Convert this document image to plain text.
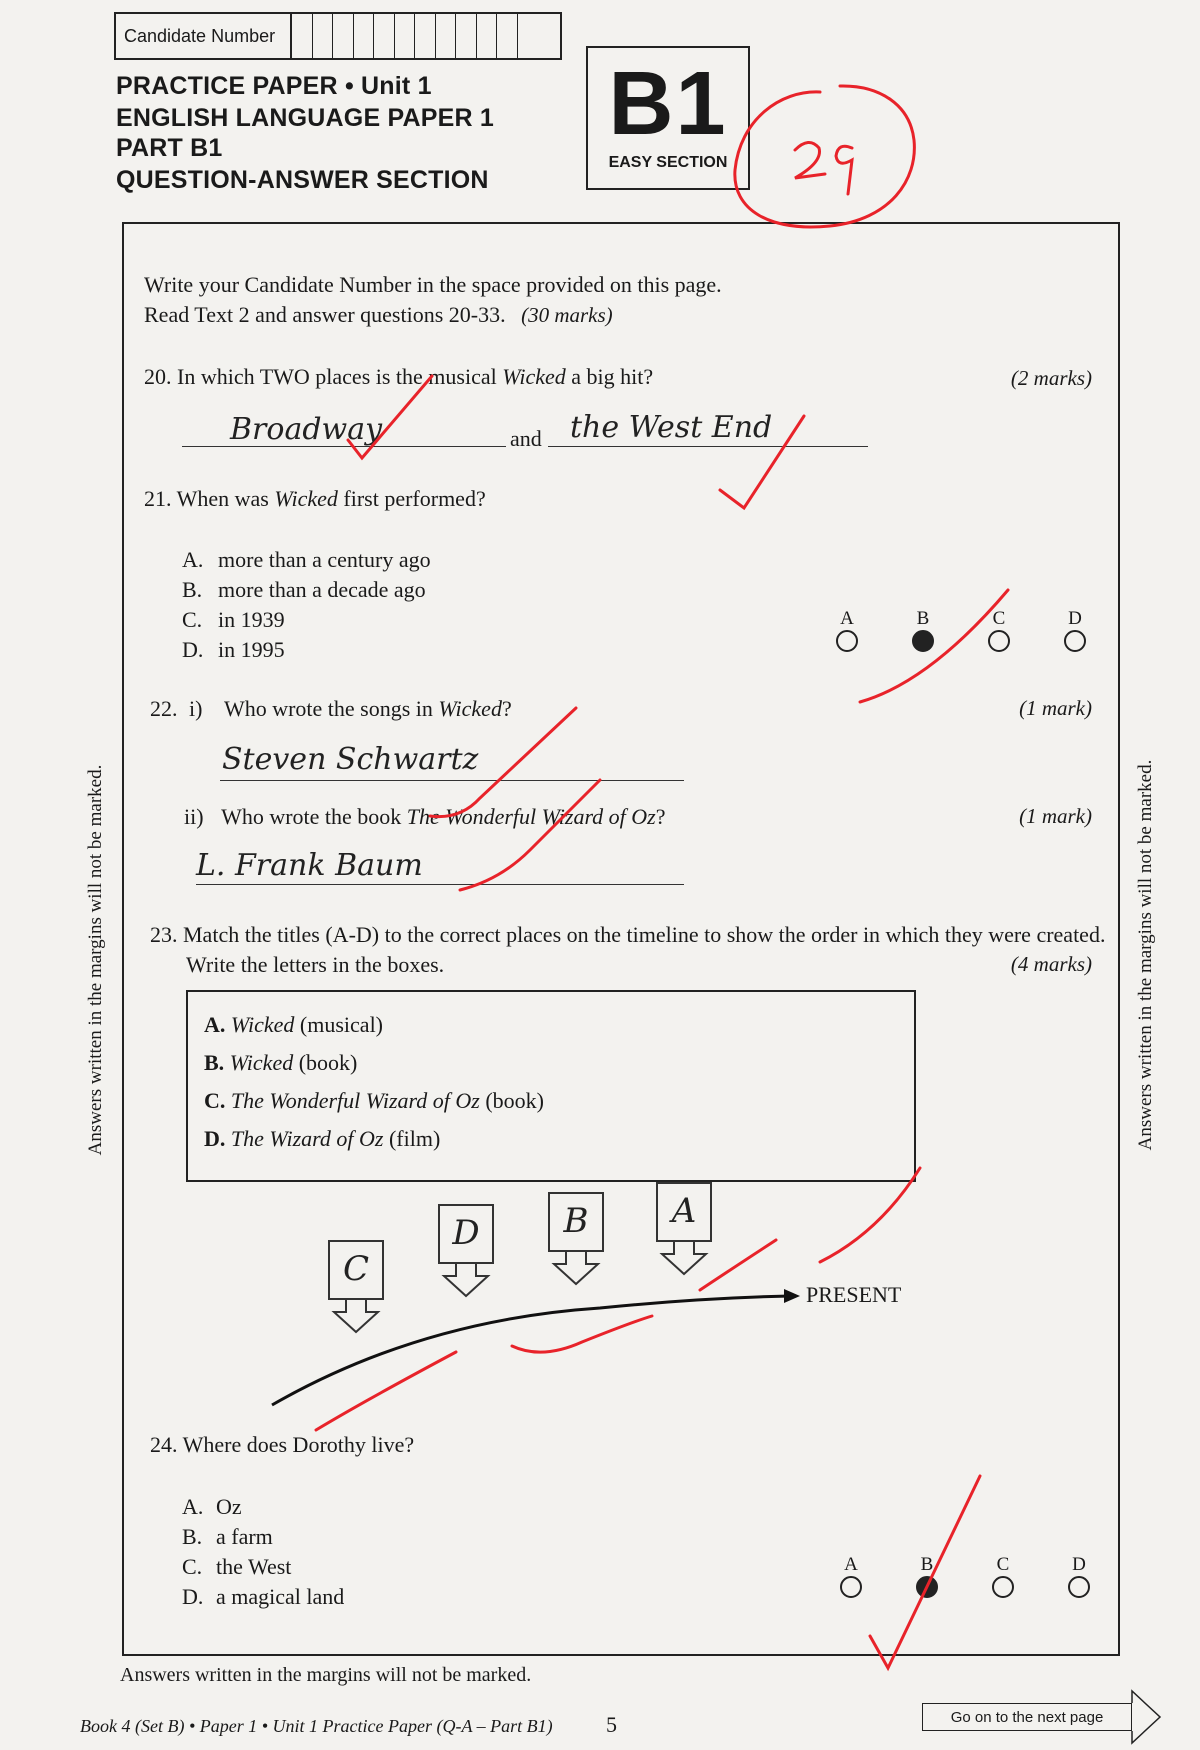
Candidate Number
PRACTICE PAPER • Unit 1
ENGLISH LANGUAGE PAPER 1
PART B1
QUESTION-ANSWER SECTION
B1
EASY SECTION
Write your Candidate Number in the space provided on this page.
Read Text 2 and answer questions 20-33. (30 marks)
20. In which TWO places is the musical Wicked a big hit?	(2 marks)
Broadway	and the West End
21. When was Wicked first performed?
A. more than a century ago
B. more than a decade ago
C. in 1939
D. in 1995
A	B	C	D
22. i) Who wrote the songs in Wicked?	(1 mark)
Steven Schwartz
ii) Who wrote the book The Wonderful Wizard of Oz?	(1 mark)
L. Frank Baum
23. Match the titles (A-D) to the correct places on the timeline to show the order in which they were created.
Write the letters in the boxes.	(4 marks)
A. Wicked (musical)
B. Wicked (book)
C. The Wonderful Wizard of Oz (book)
D. The Wizard of Oz (film)
C
D	B	A
PRESENT
24. Where does Dorothy live?
A. Oz
B. a farm
C. the West
D. a magical land
A	B	C	D
Answers written in the margins will not be marked.	Answers written in the margins will not be marked.
Answers written in the margins will not be marked.
Book 4 (Set B) • Paper 1 • Unit 1 Practice Paper (Q-A – Part B1) 5	Go on to the next page
